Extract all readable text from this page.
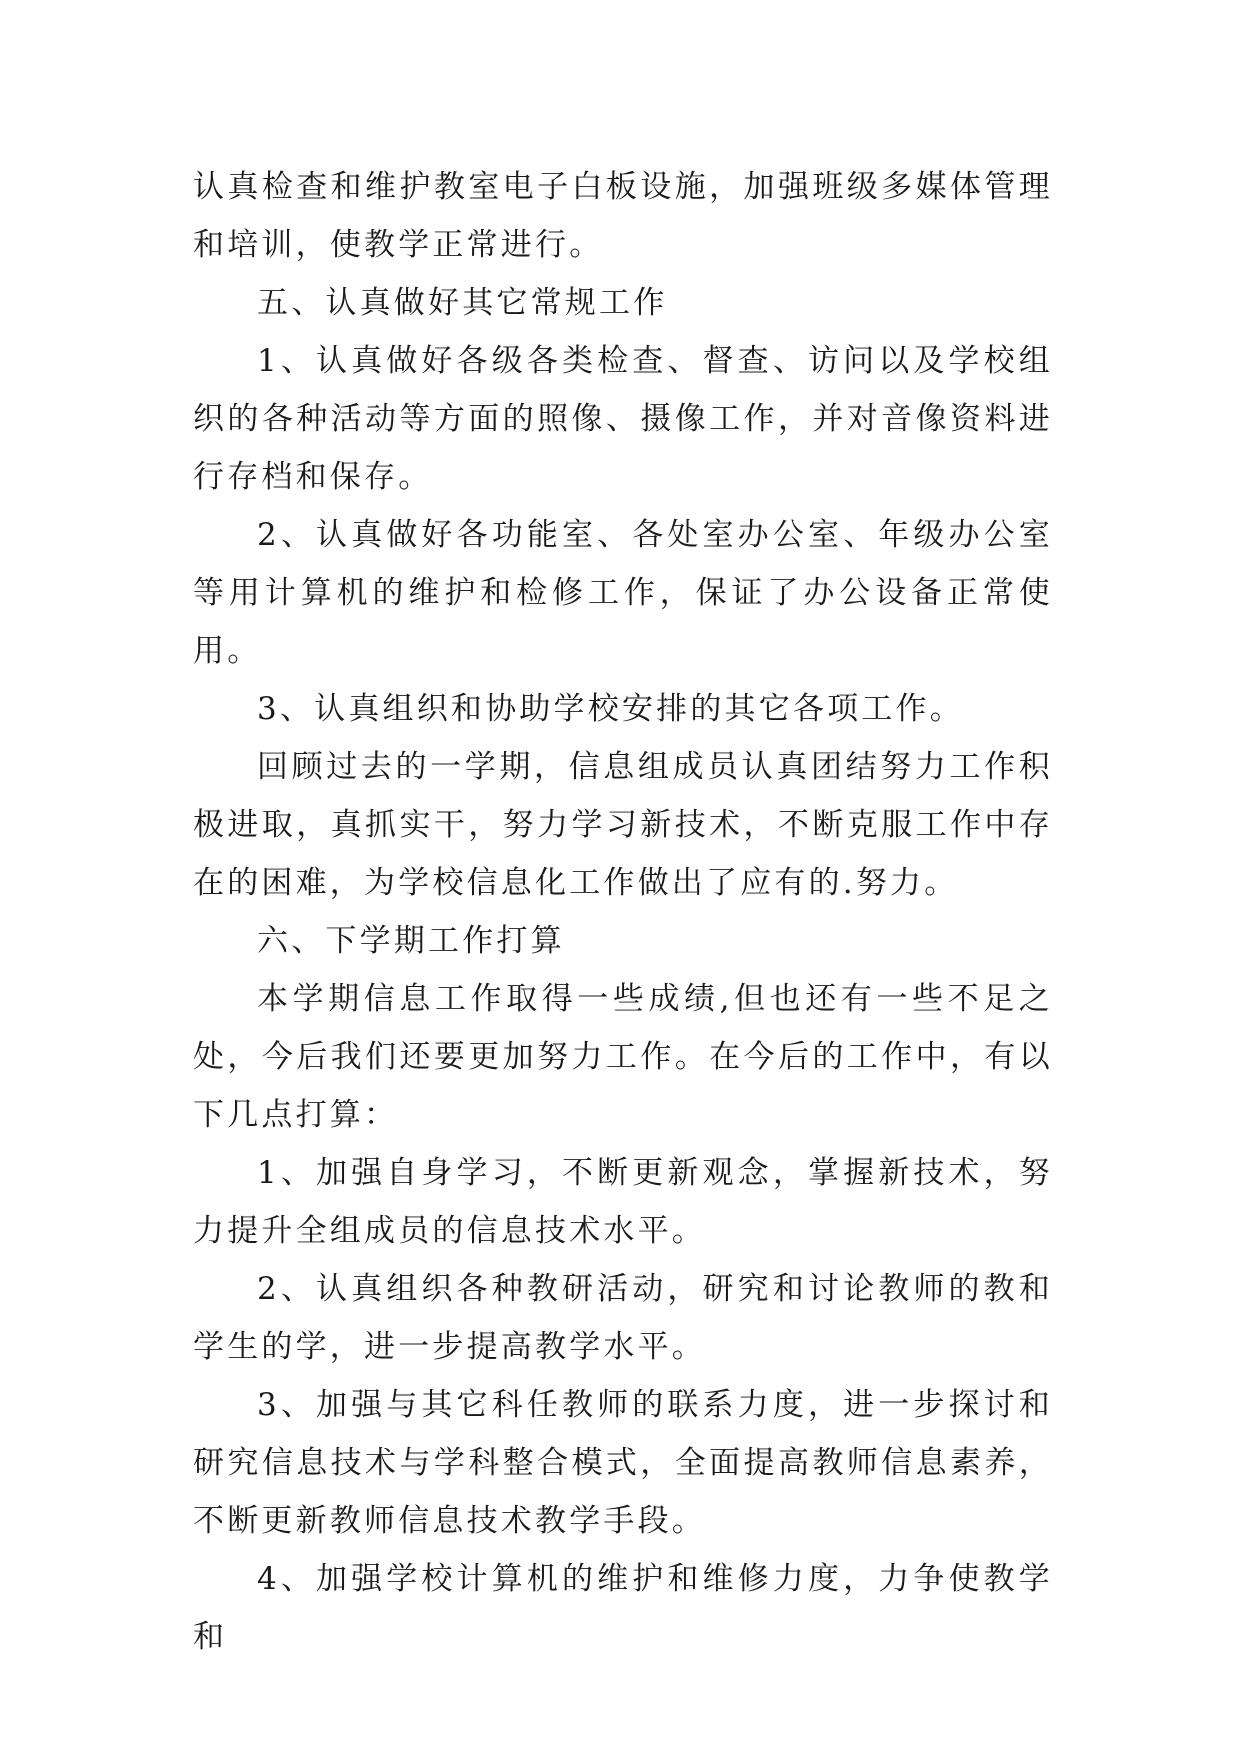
认真检查和维护教室电子白板设施，加强班级多媒体管理和培训，使教学正常进行。

五、认真做好其它常规工作

1、认真做好各级各类检查、督查、访问以及学校组织的各种活动等方面的照像、摄像工作，并对音像资料进行存档和保存。

2、认真做好各功能室、各处室办公室、年级办公室等用计算机的维护和检修工作，保证了办公设备正常使用。

3、认真组织和协助学校安排的其它各项工作。

回顾过去的一学期，信息组成员认真团结努力工作积极进取，真抓实干，努力学习新技术，不断克服工作中存在的困难，为学校信息化工作做出了应有的.努力。

六、下学期工作打算

本学期信息工作取得一些成绩,但也还有一些不足之处，今后我们还要更加努力工作。在今后的工作中，有以下几点打算：

1、加强自身学习，不断更新观念，掌握新技术，努力提升全组成员的信息技术水平。

2、认真组织各种教研活动，研究和讨论教师的教和学生的学，进一步提高教学水平。

3、加强与其它科任教师的联系力度，进一步探讨和研究信息技术与学科整合模式，全面提高教师信息素养，不断更新教师信息技术教学手段。

4、加强学校计算机的维护和维修力度，力争使教学和
